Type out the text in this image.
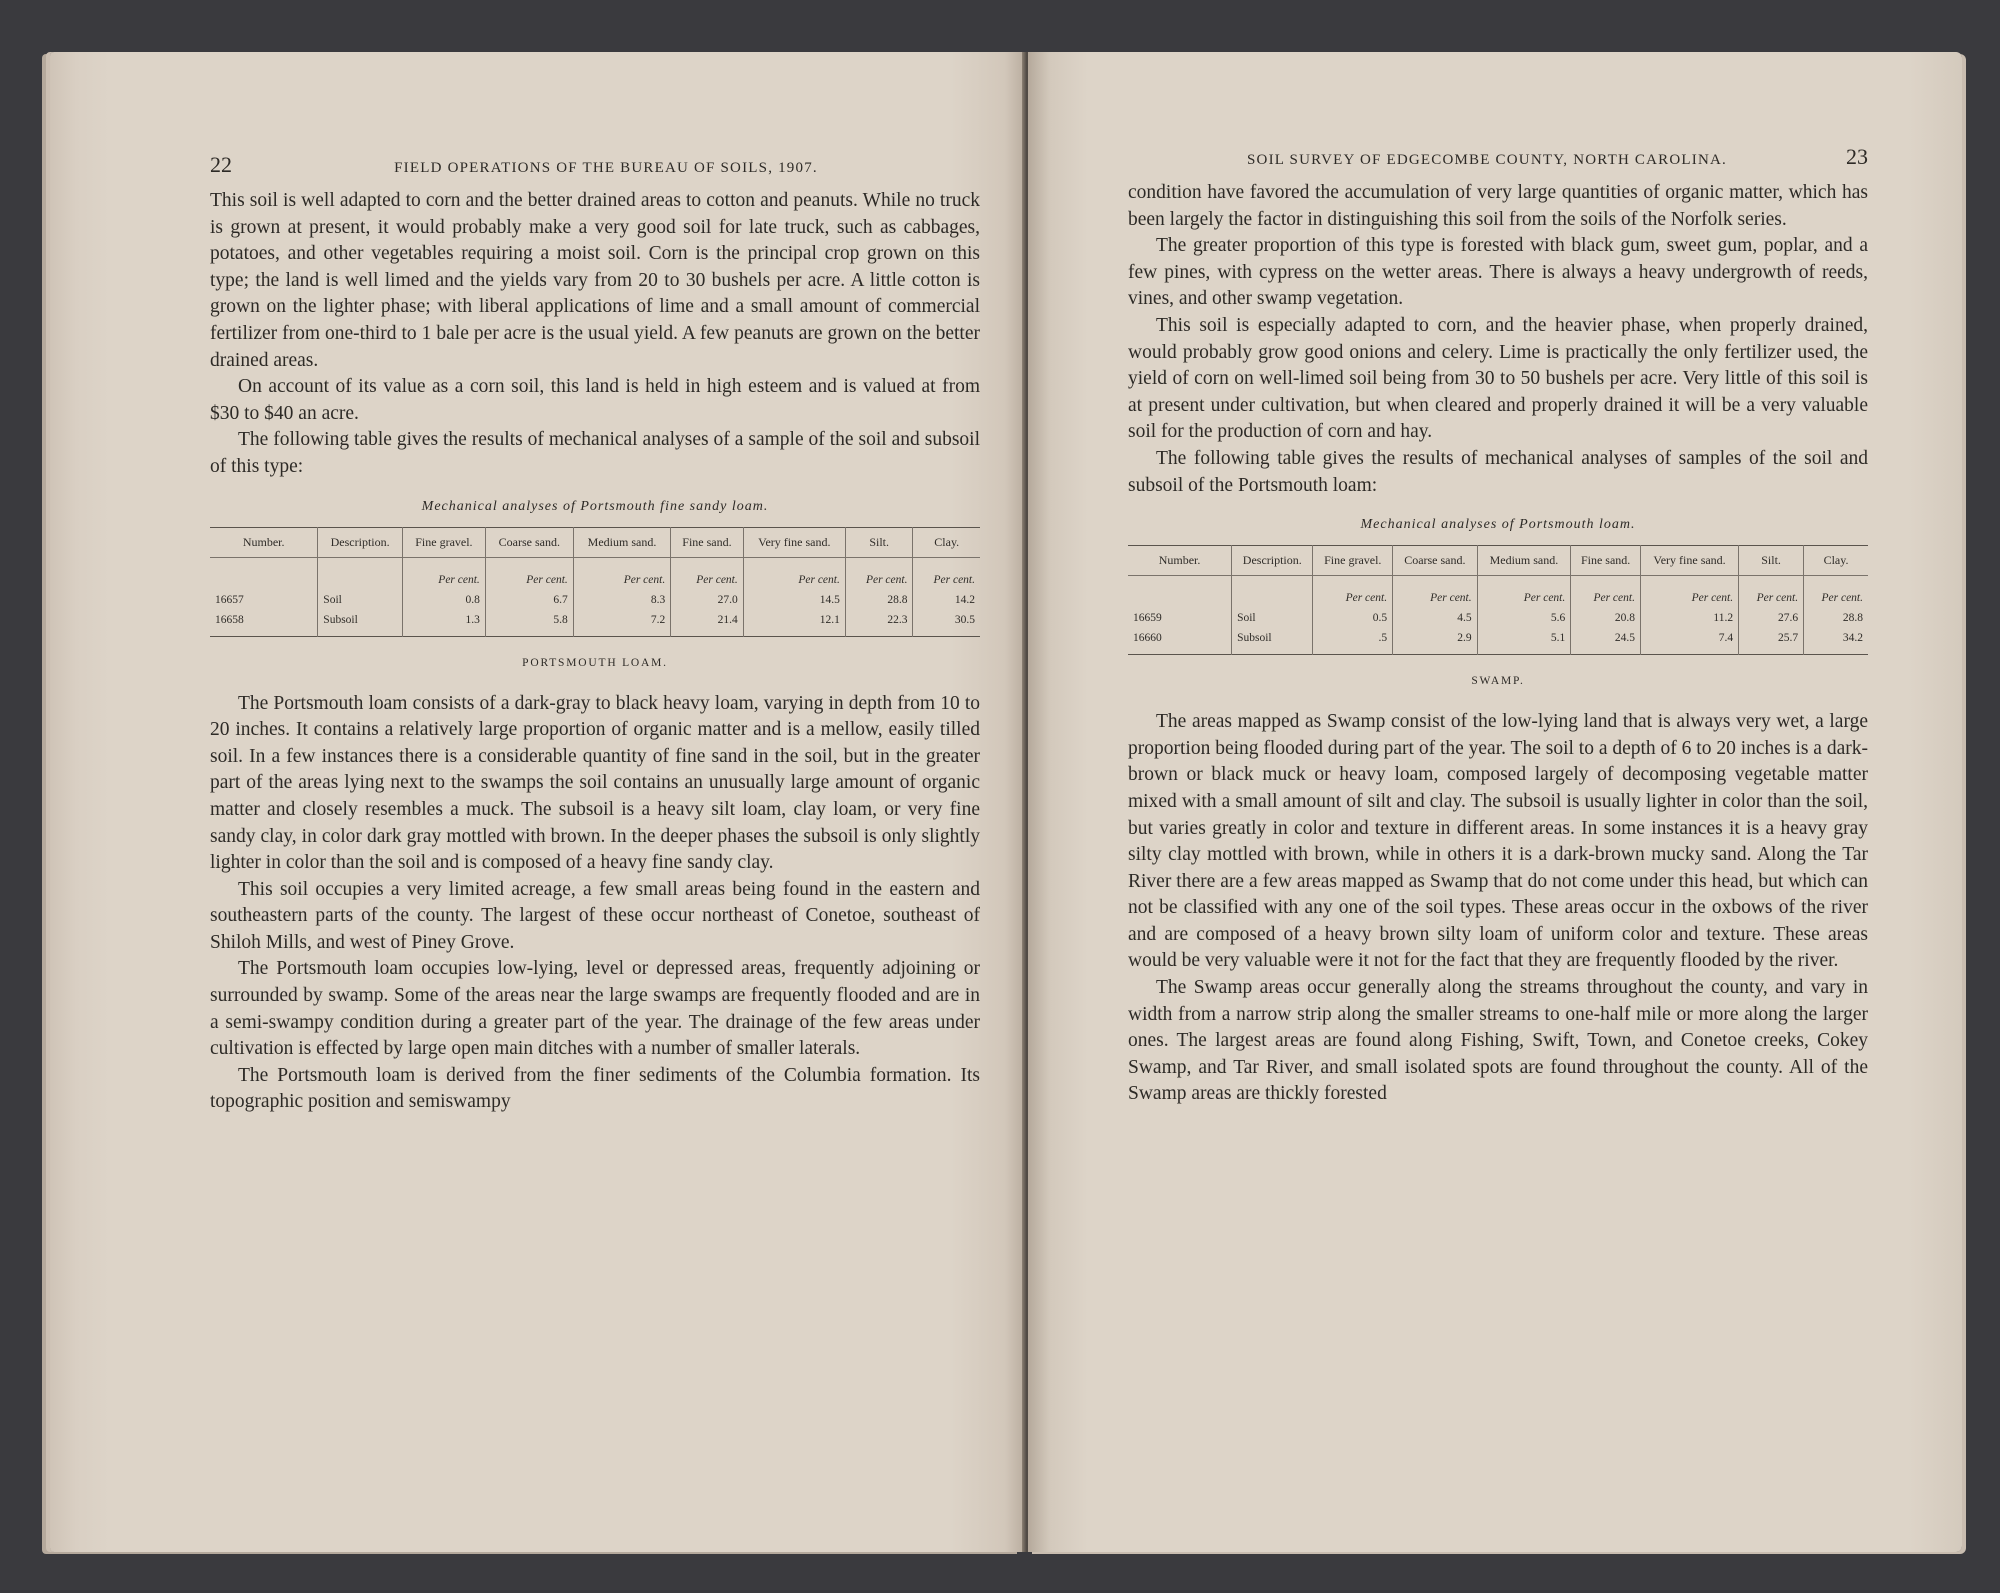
22	FIELD OPERATIONS OF THE BUREAU OF SOILS, 1907.

This soil is well adapted to corn and the better drained areas to cotton and peanuts. While no truck is grown at present, it would probably make a very good soil for late truck, such as cabbages, potatoes, and other vegetables requiring a moist soil. Corn is the principal crop grown on this type; the land is well limed and the yields vary from 20 to 30 bushels per acre. A little cotton is grown on the lighter phase; with liberal applications of lime and a small amount of commercial fertilizer from one-third to 1 bale per acre is the usual yield. A few peanuts are grown on the better drained areas.

On account of its value as a corn soil, this land is held in high esteem and is valued at from $30 to $40 an acre.

The following table gives the results of mechanical analyses of a sample of the soil and subsoil of this type:

Mechanical analyses of Portsmouth fine sandy loam.
Number.	Description.	Fine gravel.	Coarse sand.	Medium sand.	Fine sand.	Very fine sand.	Silt.	Clay.
		Per cent.	Per cent.	Per cent.	Per cent.	Per cent.	Per cent.	Per cent.
16657	Soil	0.8	6.7	8.3	27.0	14.5	28.8	14.2
16658	Subsoil	1.3	5.8	7.2	21.4	12.1	22.3	30.5
PORTSMOUTH LOAM.

The Portsmouth loam consists of a dark-gray to black heavy loam, varying in depth from 10 to 20 inches. It contains a relatively large proportion of organic matter and is a mellow, easily tilled soil. In a few instances there is a considerable quantity of fine sand in the soil, but in the greater part of the areas lying next to the swamps the soil contains an unusually large amount of organic matter and closely resembles a muck. The subsoil is a heavy silt loam, clay loam, or very fine sandy clay, in color dark gray mottled with brown. In the deeper phases the subsoil is only slightly lighter in color than the soil and is composed of a heavy fine sandy clay.

This soil occupies a very limited acreage, a few small areas being found in the eastern and southeastern parts of the county. The largest of these occur northeast of Conetoe, southeast of Shiloh Mills, and west of Piney Grove.

The Portsmouth loam occupies low-lying, level or depressed areas, frequently adjoining or surrounded by swamp. Some of the areas near the large swamps are frequently flooded and are in a semi-swampy condition during a greater part of the year. The drainage of the few areas under cultivation is effected by large open main ditches with a number of smaller laterals.

The Portsmouth loam is derived from the finer sediments of the Columbia formation. Its topographic position and semiswampy

SOIL SURVEY OF EDGECOMBE COUNTY, NORTH CAROLINA.	23

condition have favored the accumulation of very large quantities of organic matter, which has been largely the factor in distinguishing this soil from the soils of the Norfolk series.

The greater proportion of this type is forested with black gum, sweet gum, poplar, and a few pines, with cypress on the wetter areas. There is always a heavy undergrowth of reeds, vines, and other swamp vegetation.

This soil is especially adapted to corn, and the heavier phase, when properly drained, would probably grow good onions and celery. Lime is practically the only fertilizer used, the yield of corn on well-limed soil being from 30 to 50 bushels per acre. Very little of this soil is at present under cultivation, but when cleared and properly drained it will be a very valuable soil for the production of corn and hay.

The following table gives the results of mechanical analyses of samples of the soil and subsoil of the Portsmouth loam:

Mechanical analyses of Portsmouth loam.
Number.	Description.	Fine gravel.	Coarse sand.	Medium sand.	Fine sand.	Very fine sand.	Silt.	Clay.
		Per cent.	Per cent.	Per cent.	Per cent.	Per cent.	Per cent.	Per cent.
16659	Soil	0.5	4.5	5.6	20.8	11.2	27.6	28.8
16660	Subsoil	.5	2.9	5.1	24.5	7.4	25.7	34.2
SWAMP.

The areas mapped as Swamp consist of the low-lying land that is always very wet, a large proportion being flooded during part of the year. The soil to a depth of 6 to 20 inches is a dark-brown or black muck or heavy loam, composed largely of decomposing vegetable matter mixed with a small amount of silt and clay. The subsoil is usually lighter in color than the soil, but varies greatly in color and texture in different areas. In some instances it is a heavy gray silty clay mottled with brown, while in others it is a dark-brown mucky sand. Along the Tar River there are a few areas mapped as Swamp that do not come under this head, but which can not be classified with any one of the soil types. These areas occur in the oxbows of the river and are composed of a heavy brown silty loam of uniform color and texture. These areas would be very valuable were it not for the fact that they are frequently flooded by the river.

The Swamp areas occur generally along the streams throughout the county, and vary in width from a narrow strip along the smaller streams to one-half mile or more along the larger ones. The largest areas are found along Fishing, Swift, Town, and Conetoe creeks, Cokey Swamp, and Tar River, and small isolated spots are found throughout the county. All of the Swamp areas are thickly forested
